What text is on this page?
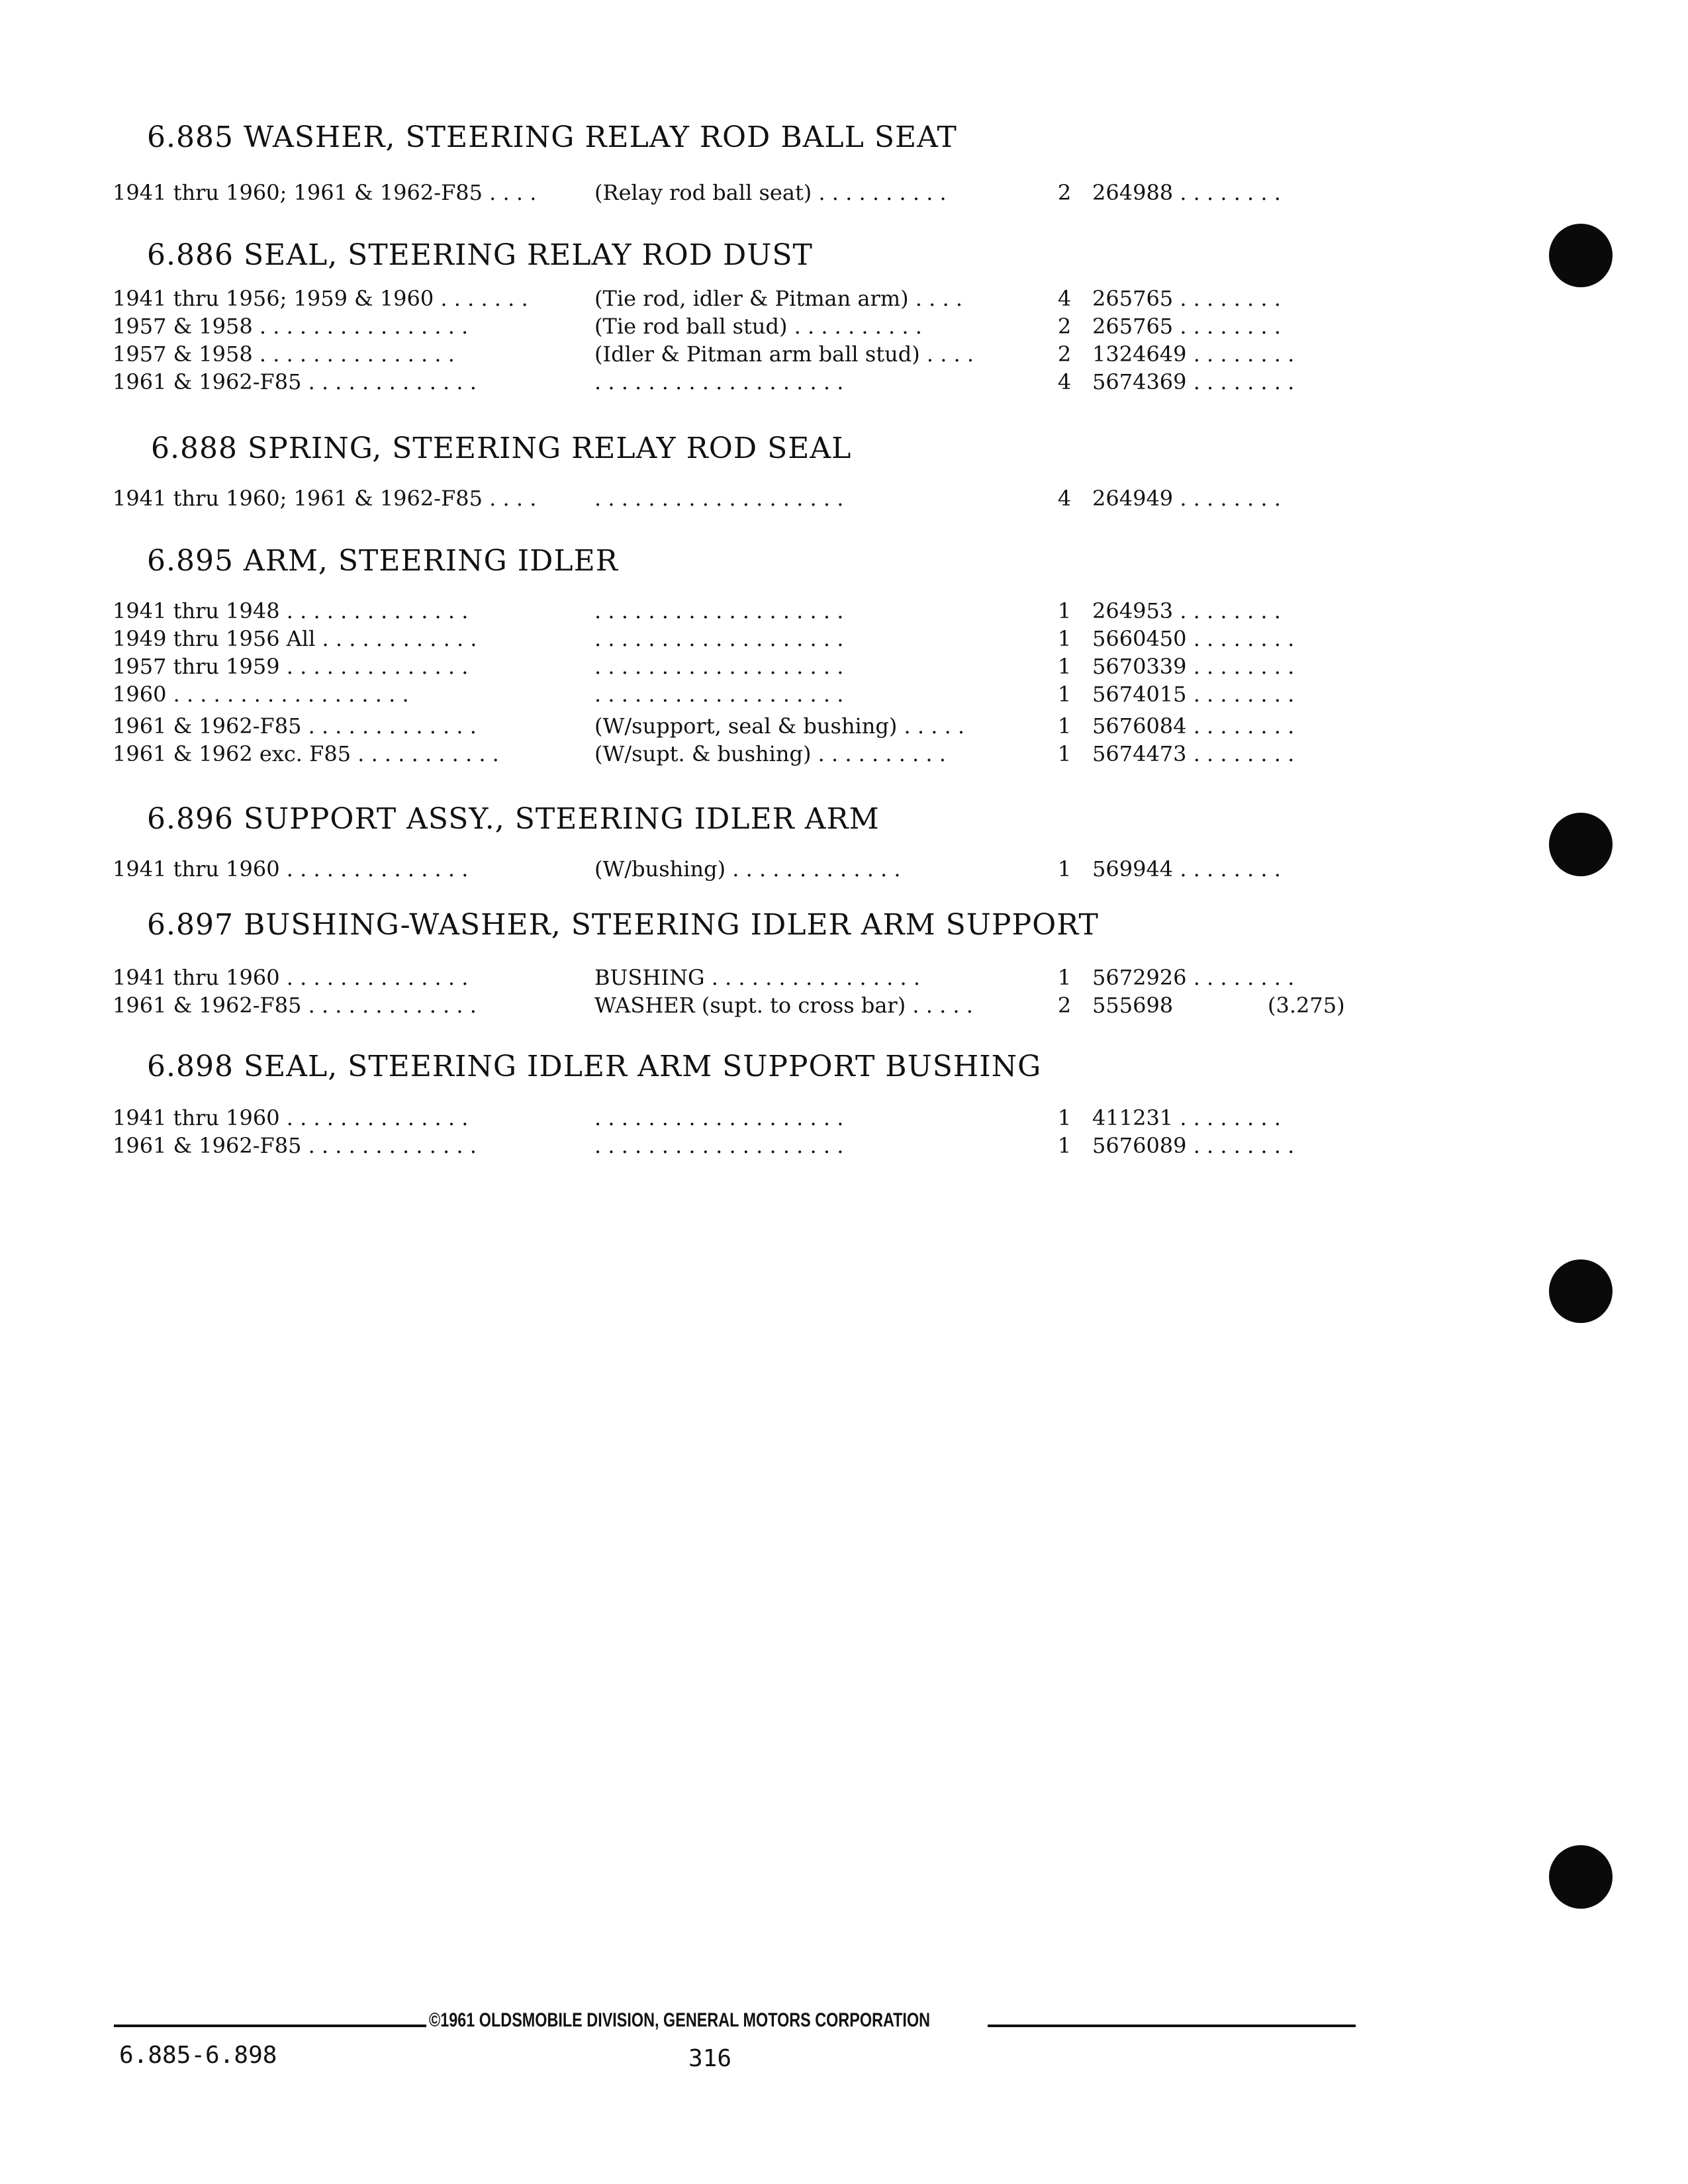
6.885 WASHER, STEERING RELAY ROD BALL SEAT
1941 thru 1960; 1961 & 1962-F85 . . . .	(Relay rod ball seat) . . . . . . . . . .	2 264988 . . . . . . . .
6.886 SEAL, STEERING RELAY ROD DUST
1941 thru 1956; 1959 & 1960 . . . . . . .	(Tie rod, idler & Pitman arm) . . . .	4 265765 . . . . . . . .
1957 & 1958 . . . . . . . . . . . . . . . .	(Tie rod ball stud) . . . . . . . . . .	2 265765 . . . . . . . .
1957 & 1958 . . . . . . . . . . . . . . .	(Idler & Pitman arm ball stud) . . . .	2 1324649 . . . . . . . .
1961 & 1962-F85 . . . . . . . . . . . . .	. . . . . . . . . . . . . . . . . . .	4 5674369 . . . . . . . .
6.888 SPRING, STEERING RELAY ROD SEAL
1941 thru 1960; 1961 & 1962-F85 . . . .	. . . . . . . . . . . . . . . . . . .	4 264949 . . . . . . . .
6.895 ARM, STEERING IDLER
1941 thru 1948 . . . . . . . . . . . . . .	. . . . . . . . . . . . . . . . . . .	1 264953 . . . . . . . .
1949 thru 1956 All . . . . . . . . . . . .	. . . . . . . . . . . . . . . . . . .	1 5660450 . . . . . . . .
1957 thru 1959 . . . . . . . . . . . . . .	. . . . . . . . . . . . . . . . . . .	1 5670339 . . . . . . . .
1960 . . . . . . . . . . . . . . . . . .	. . . . . . . . . . . . . . . . . . .	1 5674015 . . . . . . . .
1961 & 1962-F85 . . . . . . . . . . . . .	(W/support, seal & bushing) . . . . .	1 5676084 . . . . . . . .
1961 & 1962 exc. F85 . . . . . . . . . . .	(W/supt. & bushing) . . . . . . . . . .	1 5674473 . . . . . . . .
6.896 SUPPORT ASSY., STEERING IDLER ARM
1941 thru 1960 . . . . . . . . . . . . . .	(W/bushing) . . . . . . . . . . . . .	1 569944 . . . . . . . .
6.897 BUSHING-WASHER, STEERING IDLER ARM SUPPORT
1941 thru 1960 . . . . . . . . . . . . . .	BUSHING . . . . . . . . . . . . . . . .	1 5672926 . . . . . . . .
1961 & 1962-F85 . . . . . . . . . . . . .	WASHER (supt. to cross bar) . . . . .	2 555698	(3.275)
6.898 SEAL, STEERING IDLER ARM SUPPORT BUSHING
1941 thru 1960 . . . . . . . . . . . . . .	. . . . . . . . . . . . . . . . . . .	1 411231 . . . . . . . .
1961 & 1962-F85 . . . . . . . . . . . . .	. . . . . . . . . . . . . . . . . . .	1 5676089 . . . . . . . .
©1961 OLDSMOBILE DIVISION, GENERAL MOTORS CORPORATION
6.885-6.898	316
